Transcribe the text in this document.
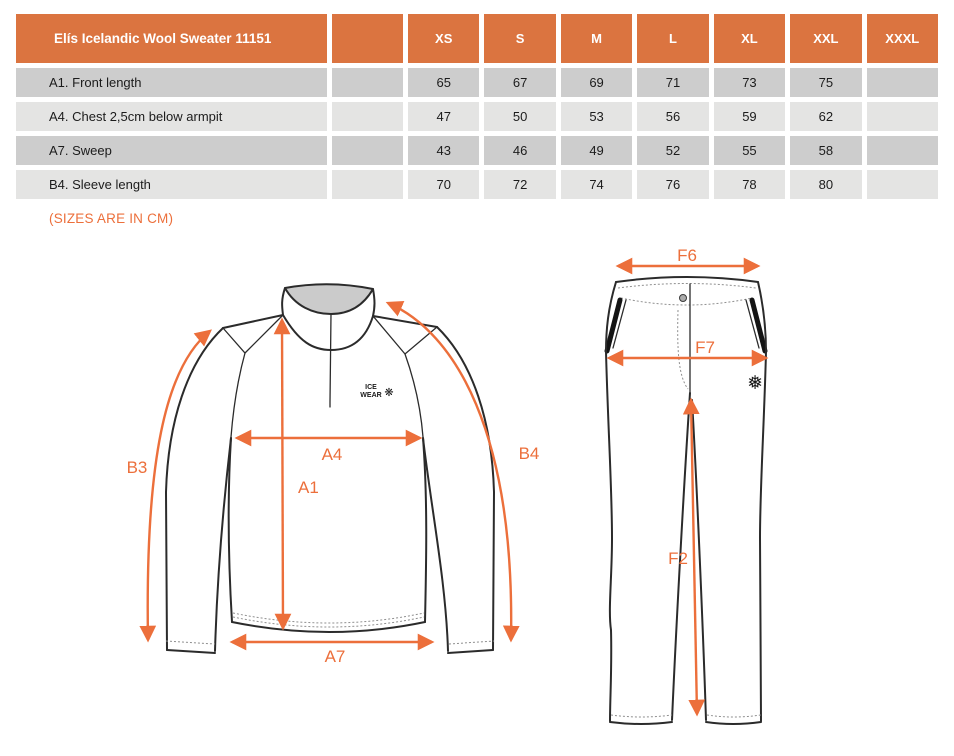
Elís Icelandic Wool Sweater 11151	XS	S	M	L	XL	XXL	XXXL
A1. Front length	65	67	69	71	73	75
A4. Chest 2,5cm below armpit	47	50	53	56	59	62
A7. Sweep	43	46	49	52	55	58
B4. Sleeve length	70	72	74	76	78	80
(SIZES ARE IN CM)
ICE
WEAR ❋
B3
A4
A1
B4
A7
❅
F6
F7
F2
